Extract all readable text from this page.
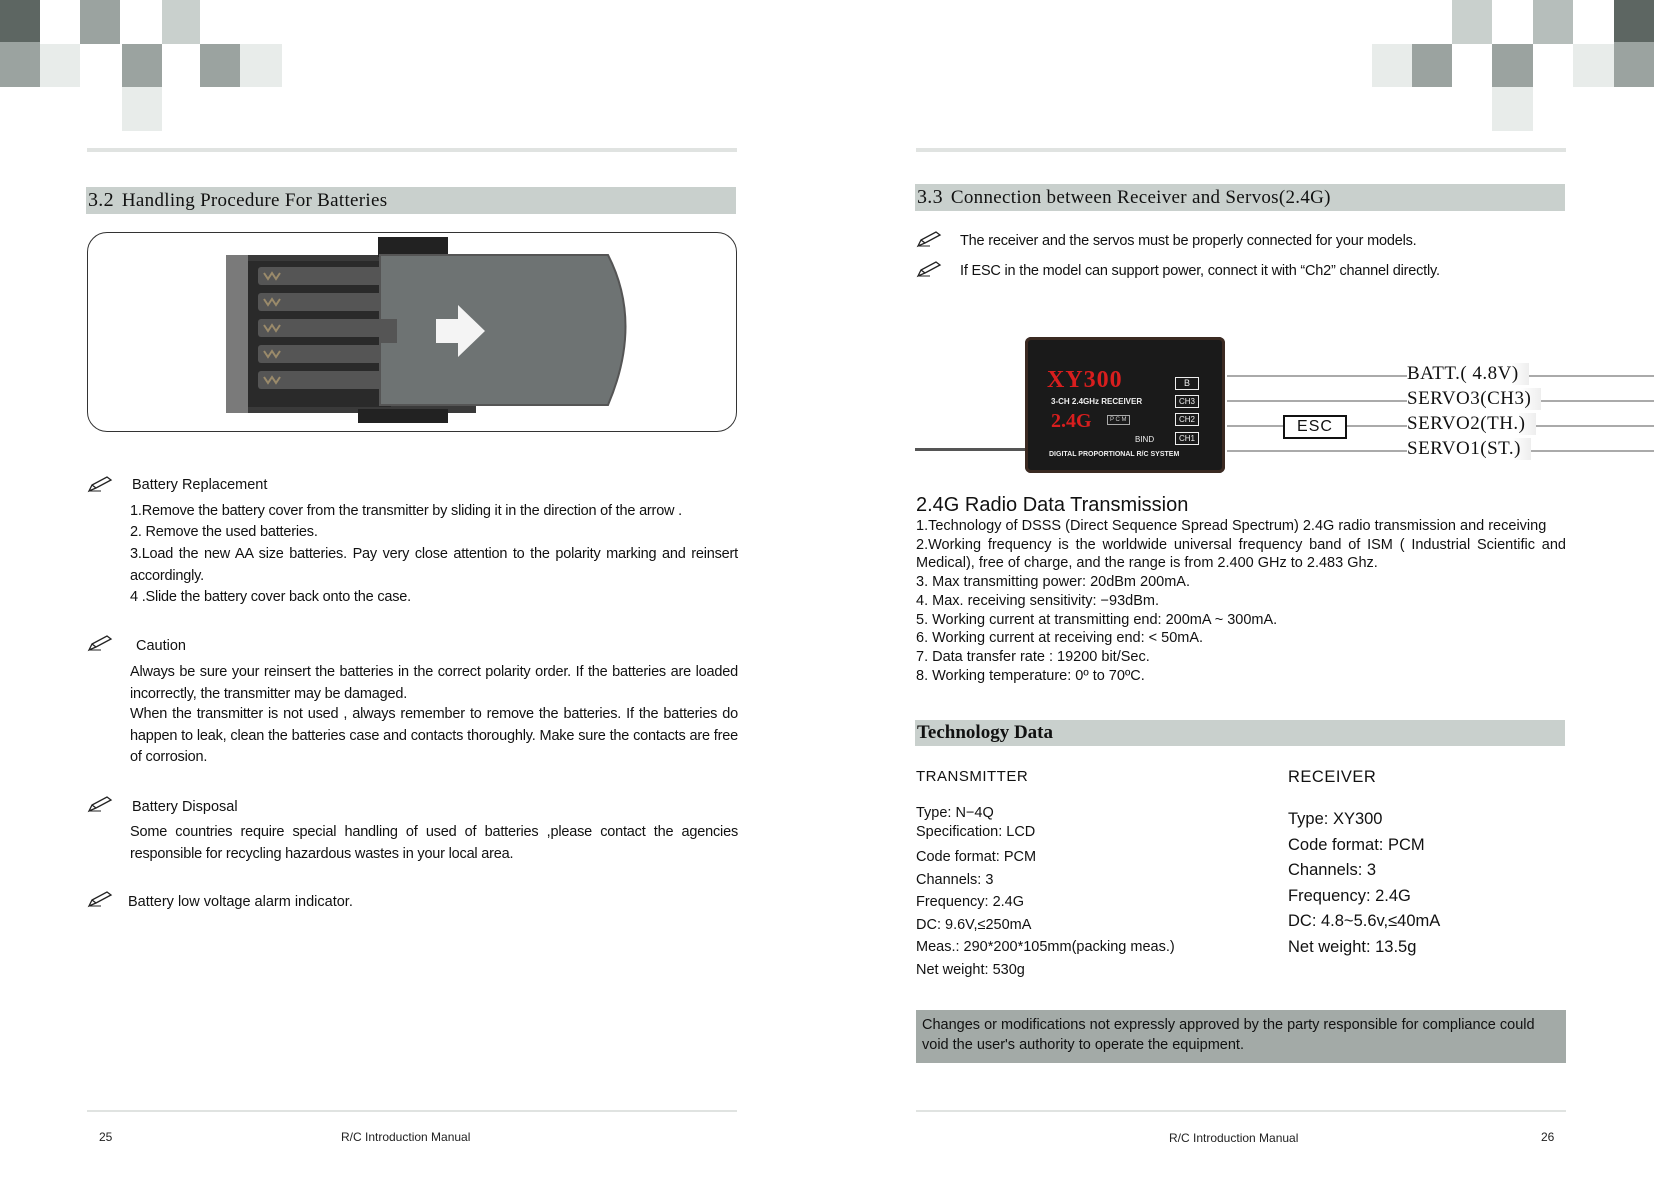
3.2 Handling Procedure For Batteries
Battery Replacement
1.Remove the battery cover from the transmitter by sliding it in the direction of the arrow .
2. Remove the used batteries.
3.Load the new AA size batteries. Pay very close attention to the polarity marking and reinsert accordingly.
4 .Slide the battery cover back onto the case.
Caution
Always be sure your reinsert the batteries in the correct polarity order. If the batteries are loaded incorrectly, the transmitter may be damaged.
When the transmitter is not used , always remember to remove the batteries. If the batteries do happen to leak, clean the batteries case and contacts thoroughly. Make sure the contacts are free of corrosion.
Battery Disposal
Some countries require special handling of used of batteries ,please contact the agencies responsible for recycling hazardous wastes in your local area.
Battery low voltage alarm indicator.
25	R/C Introduction Manual
3.3 Connection between Receiver and Servos(2.4G)
The receiver and the servos must be properly connected for your models.
If ESC in the model can support power, connect it with “Ch2” channel directly.
XY300
3-CH 2.4GHz RECEIVER
2.4G	P C M
BIND
DIGITAL PROPORTIONAL R/C SYSTEM
B
CH3
CH2
CH1
ESC
BATT.( 4.8V)
SERVO3(CH3)
SERVO2(TH.)
SERVO1(ST.)
2.4G Radio Data Transmission
1.Technology of DSSS (Direct Sequence Spread Spectrum) 2.4G radio transmission and receiving
2.Working frequency is the worldwide universal frequency band of ISM ( Industrial Scientific and Medical), free of charge, and the range is from 2.400 GHz to 2.483 Ghz.
3. Max transmitting power: 20dBm 200mA.
4. Max. receiving sensitivity: −93dBm.
5. Working current at transmitting end: 200mA ~ 300mA.
6. Working current at receiving end: < 50mA.
7. Data transfer rate : 19200 bit/Sec.
8. Working temperature: 0º to 70ºC.
Technology Data
TRANSMITTER
Type: N−4Q
Specification: LCD
Code format: PCM
Channels: 3
Frequency: 2.4G
DC: 9.6V,≤250mA
Meas.: 290*200*105mm(packing meas.)
Net weight: 530g
RECEIVER
Type: XY300
Code format: PCM
Channels: 3
Frequency: 2.4G
DC: 4.8~5.6v,≤40mA
Net weight: 13.5g
Changes or modifications not expressly approved by the party responsible for compliance could void the user's authority to operate the equipment.
R/C Introduction Manual	26
